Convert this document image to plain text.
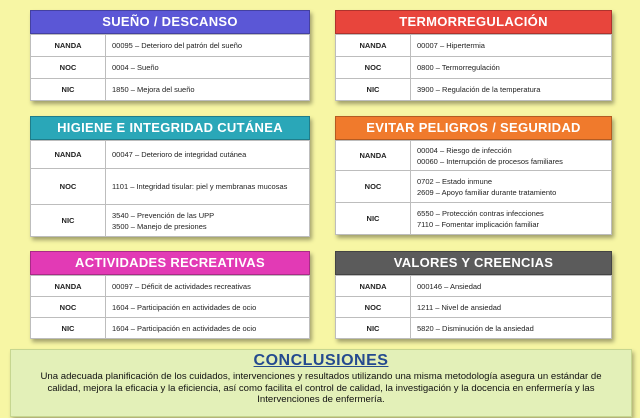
SUEÑO / DESCANSO
NANDA	00095 – Deterioro del patrón del sueño

NOC	0004 – Sueño

NIC	1850 – Mejora del sueño
TERMORREGULACIÓN
NANDA	00007 – Hipertermia

NOC	0800 – Termorregulación

NIC	3900 – Regulación de la temperatura
HIGIENE E INTEGRIDAD CUTÁNEA
NANDA	00047 – Deterioro de integridad cutánea

NOC	1101 – Integridad tisular: piel y membranas mucosas

NIC	3540 – Prevención de las UPP
3500 – Manejo de presiones
EVITAR PELIGROS / SEGURIDAD
NANDA	00004 – Riesgo de infección
00060 – Interrupción de procesos familiares

NOC	0702 – Estado inmune
2609 – Apoyo familiar durante tratamiento

NIC	6550 – Protección contras infecciones
7110 – Fomentar implicación familiar
ACTIVIDADES RECREATIVAS
NANDA	00097 – Déficit de actividades recreativas

NOC	1604 – Participación en actividades de ocio

NIC	1604 – Participación en actividades de ocio
VALORES Y CREENCIAS
NANDA	000146 – Ansiedad

NOC	1211 – Nivel de ansiedad

NIC	5820 – Disminución de la ansiedad
CONCLUSIONES
Una adecuada planificación de los cuidados, intervenciones y resultados utilizando una misma metodología asegura un estándar de calidad, mejora la eficacia y la eficiencia, así como facilita el control de calidad, la investigación y la docencia en enfermería y las Intervenciones de enfermería.
